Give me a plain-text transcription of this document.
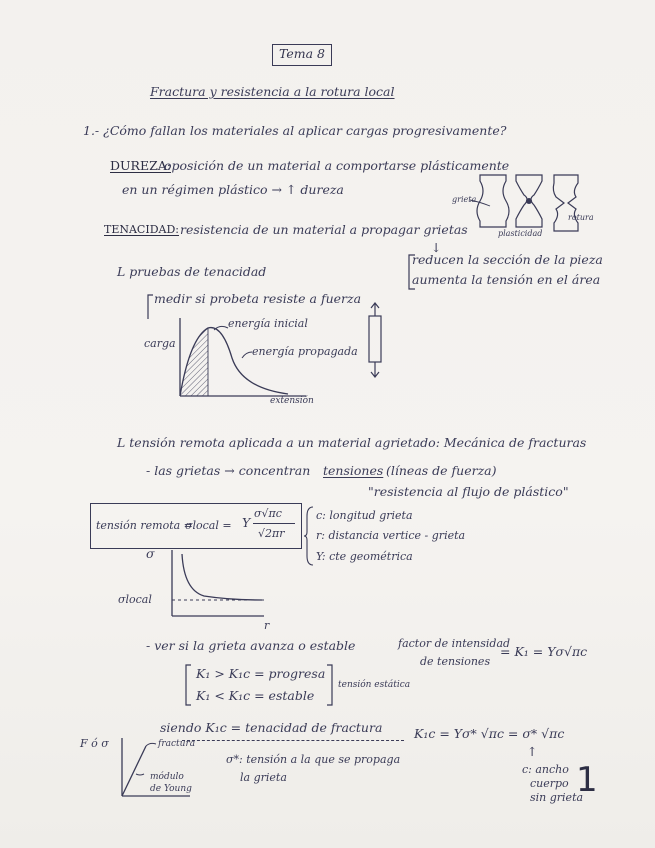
Tema 8
Fractura y resistencia a la rotura local
1.- ¿Cómo fallan los materiales al aplicar cargas progresivamente?
DUREZA:
oposición de un material a comportarse plásticamente
en un régimen plástico → ↑ dureza
grieta
plasticidad
rotura
TENACIDAD: resistencia de un material a propagar grietas
↓
reducen la sección de la pieza
aumenta la tensión en el área
L pruebas de tenacidad
medir si probeta resiste a fuerza
carga
extensión
energía inicial
energía propagada
L tensión remota aplicada a un material agrietado: Mecánica de fracturas
- las grietas → concentran tensiones (líneas de fuerza)
"resistencia al flujo de plástico"
tensión remota =
σlocal = Y
σ√πc
√2πr
c: longitud grieta
r: distancia vertice - grieta
Y: cte geométrica
σ
σlocal
r
- ver si la grieta avanza o estable	factor de intensidad
de tensiones
= K₁ = Yσ√πc
K₁ > K₁c = progresa
K₁ < K₁c = estable
tensión estática
siendo K₁c = tenacidad de fractura	K₁c = Yσ* √πc = σ* √πc
σ*: tensión a la que se propaga
la grieta
↑
c: ancho
cuerpo
sin grieta
F ó σ	fractura
módulo
de Young	1
